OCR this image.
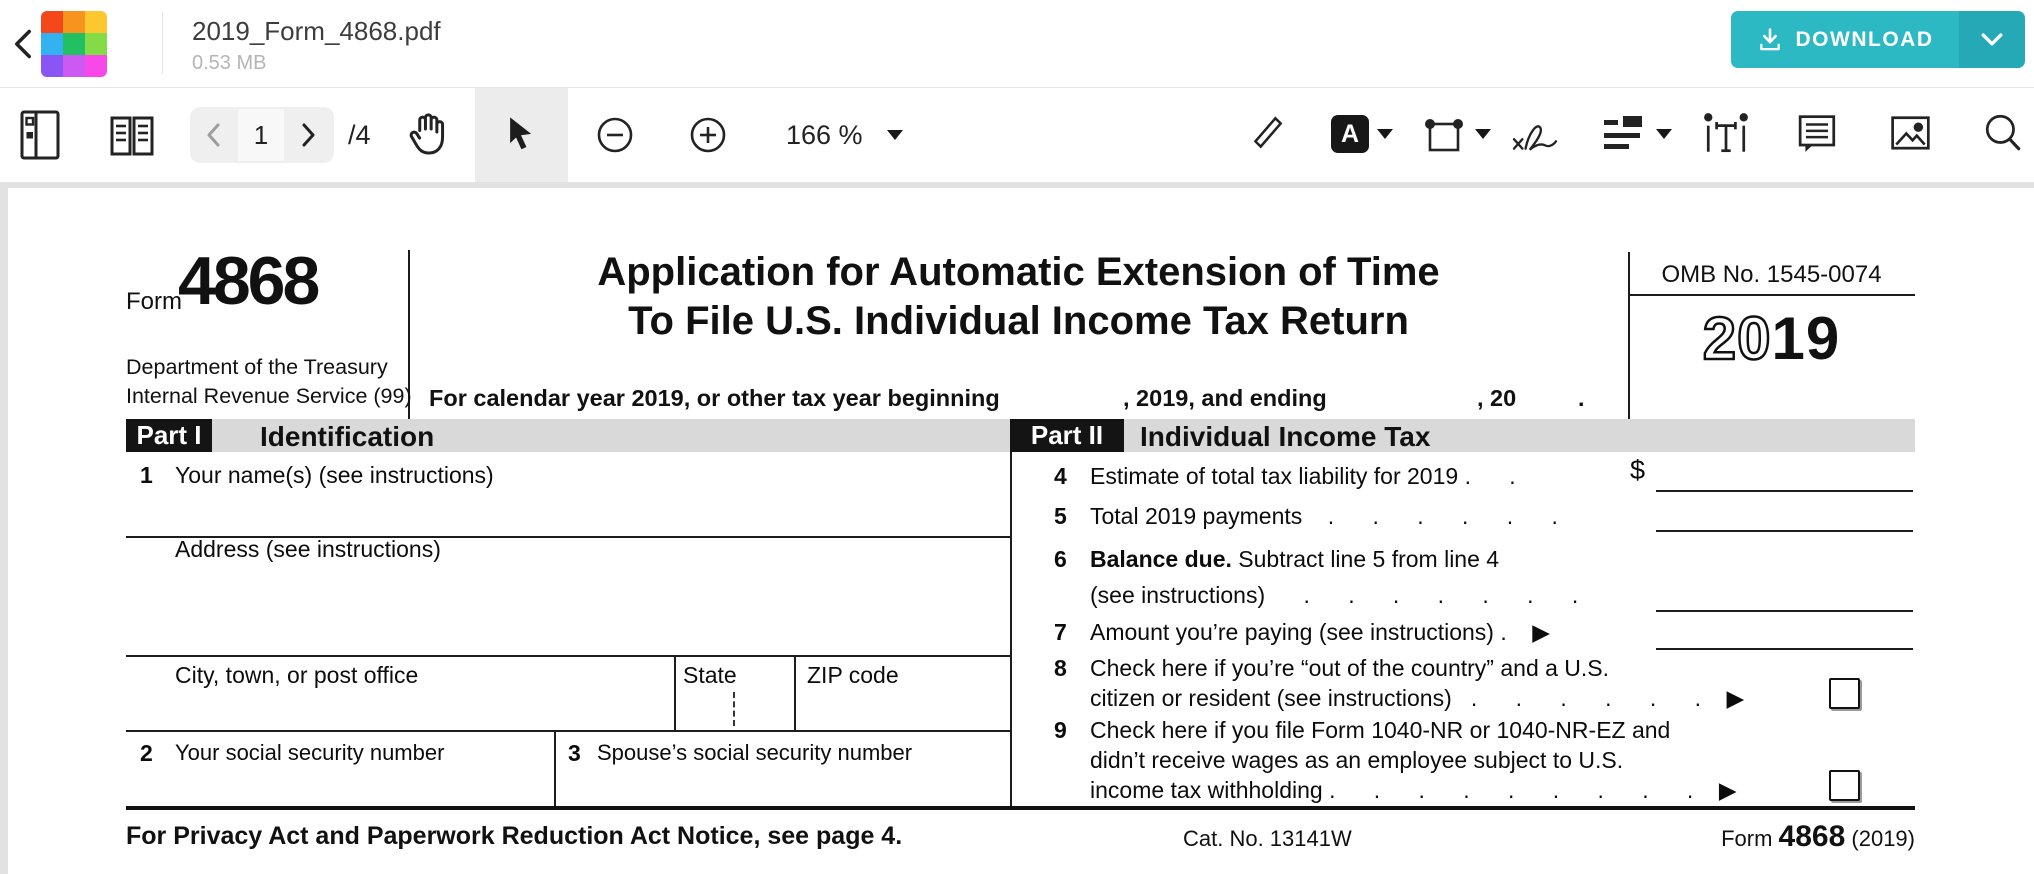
2019_Form_4868.pdf
0.53 MB
DOWNLOAD
1	/4	166 %	A
Form
4868	Application for Automatic Extension of Time
To File U.S. Individual Income Tax Return
OMB No. 1545-0074
2019
Department of the Treasury
Internal Revenue Service (99) For calendar year 2019, or other tax year beginning	, 2019, and ending	, 20	.
Part I	Identification	Part II	Individual Income Tax
1 Your name(s) (see instructions)
Address (see instructions)
City, town, or post office	State	ZIP code
2 Your social security number	3 Spouse’s social security number
4 Estimate of total tax liability for 2019 .      .	$
5 Total 2019 payments    .      .      .      .      .      .
6 Balance due. Subtract line 5 from line 4
(see instructions)      .      .      .      .      .      .      .
7 Amount you’re paying (see instructions) .    ▶
8 Check here if you’re “out of the country” and a U.S.
citizen or resident (see instructions)   .      .      .      .      .      .    ▶
9 Check here if you file Form 1040-NR or 1040-NR-EZ and
didn’t receive wages as an employee subject to U.S.
income tax withholding .      .      .      .      .      .      .      .      .    ▶
For Privacy Act and Paperwork Reduction Act Notice, see page 4.	Cat. No. 13141W	Form 4868 (2019)
